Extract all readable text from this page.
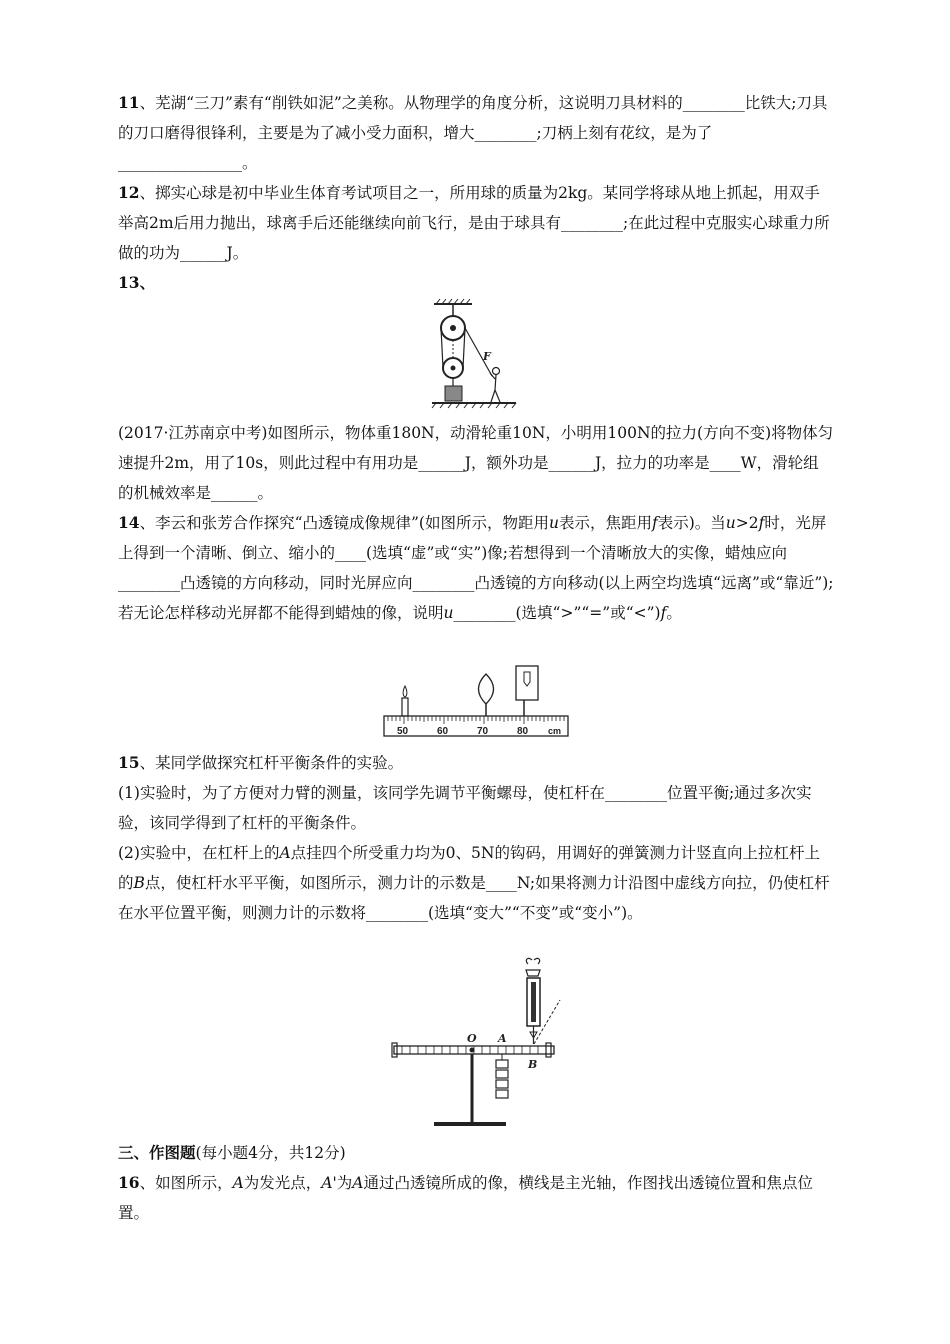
11、芜湖“三刀”素有“削铁如泥”之美称。从物理学的角度分析，这说明刀具材料的________比铁大;刀具的刀口磨得很锋利，主要是为了减小受力面积，增大________;刀柄上刻有花纹，是为了________________。

12、掷实心球是初中毕业生体育考试项目之一，所用球的质量为2kg。某同学将球从地上抓起，用双手举高2m后用力抛出，球离手后还能继续向前飞行，是由于球具有________;在此过程中克服实心球重力所做的功为______J。

13、

F

(2017·江苏南京中考)如图所示，物体重180N，动滑轮重10N，小明用100N的拉力(方向不变)将物体匀速提升2m，用了10s，则此过程中有用功是______J，额外功是______J，拉力的功率是____W，滑轮组的机械效率是______。

14、李云和张芳合作探究“凸透镜成像规律”(如图所示，物距用u表示，焦距用f表示)。当u>2f时，光屏上得到一个清晰、倒立、缩小的____(选填“虚”或“实”)像;若想得到一个清晰放大的实像，蜡烛应向________凸透镜的方向移动，同时光屏应向________凸透镜的方向移动(以上两空均选填“远离”或“靠近”);若无论怎样移动光屏都不能得到蜡烛的像，说明u________(选填“>”“=”或“<”)f。

50	60	70	80 cm

15、某同学做探究杠杆平衡条件的实验。

(1)实验时，为了方便对力臂的测量，该同学先调节平衡螺母，使杠杆在________位置平衡;通过多次实验，该同学得到了杠杆的平衡条件。

(2)实验中，在杠杆上的A点挂四个所受重力均为0、5N的钩码，用调好的弹簧测力计竖直向上拉杠杆上的B点，使杠杆水平平衡，如图所示，测力计的示数是____N;如果将测力计沿图中虚线方向拉，仍使杠杆在水平位置平衡，则测力计的示数将________(选填“变大”“不变”或“变小”)。

O A
B

三、作图题(每小题4分，共12分)

16、如图所示，A为发光点，A'为A通过凸透镜所成的像，横线是主光轴，作图找出透镜位置和焦点位置。
